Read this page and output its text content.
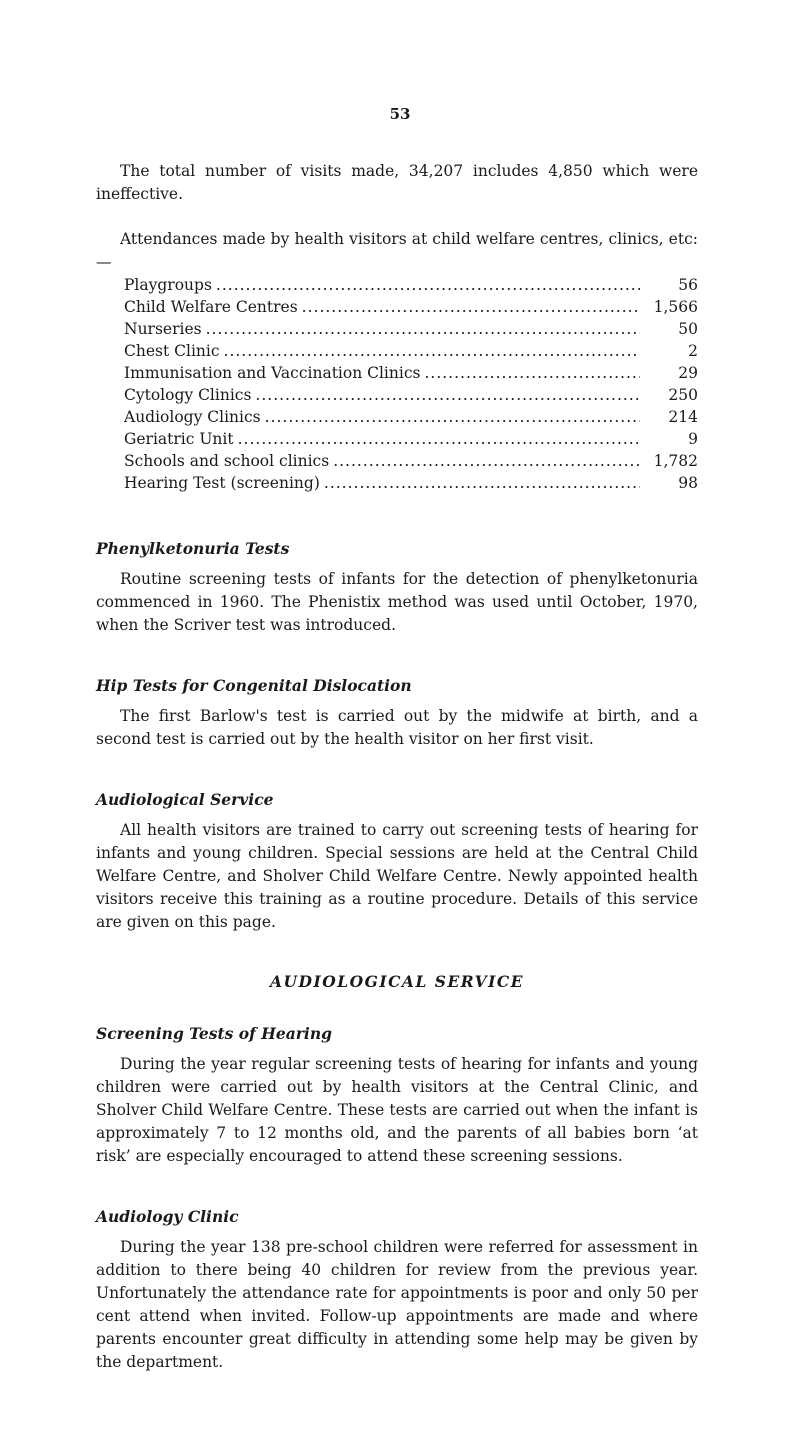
53

The total number of visits made, 34,207 includes 4,850 which were ineffective.

Attendances made by health visitors at child welfare centres, clinics, etc:—

Playgroups .....	56
Child Welfare Centres .....	1,566
Nurseries .....	50
Chest Clinic .....	2
Immunisation and Vaccination Clinics .....	29
Cytology Clinics .....	250
Audiology Clinics .....	214
Geriatric Unit .....	9
Schools and school clinics .....	1,782
Hearing Test (screening) .....	98
Phenylketonuria Tests

Routine screening tests of infants for the detection of phenylketonuria commenced in 1960. The Phenistix method was used until October, 1970, when the Scriver test was introduced.

Hip Tests for Congenital Dislocation

The first Barlow's test is carried out by the midwife at birth, and a second test is carried out by the health visitor on her first visit.

Audiological Service

All health visitors are trained to carry out screening tests of hearing for infants and young children. Special sessions are held at the Central Child Welfare Centre, and Sholver Child Welfare Centre. Newly appointed health visitors receive this training as a routine procedure. Details of this service are given on this page.

AUDIOLOGICAL SERVICE
Screening Tests of Hearing

During the year regular screening tests of hearing for infants and young children were carried out by health visitors at the Central Clinic, and Sholver Child Welfare Centre. These tests are carried out when the infant is approximately 7 to 12 months old, and the parents of all babies born ‘at risk’ are especially encouraged to attend these screening sessions.

Audiology Clinic

During the year 138 pre-school children were referred for assessment in addition to there being 40 children for review from the previous year. Unfortunately the attendance rate for appointments is poor and only 50 per cent attend when invited. Follow-up appointments are made and where parents encounter great difficulty in attending some help may be given by the department.
